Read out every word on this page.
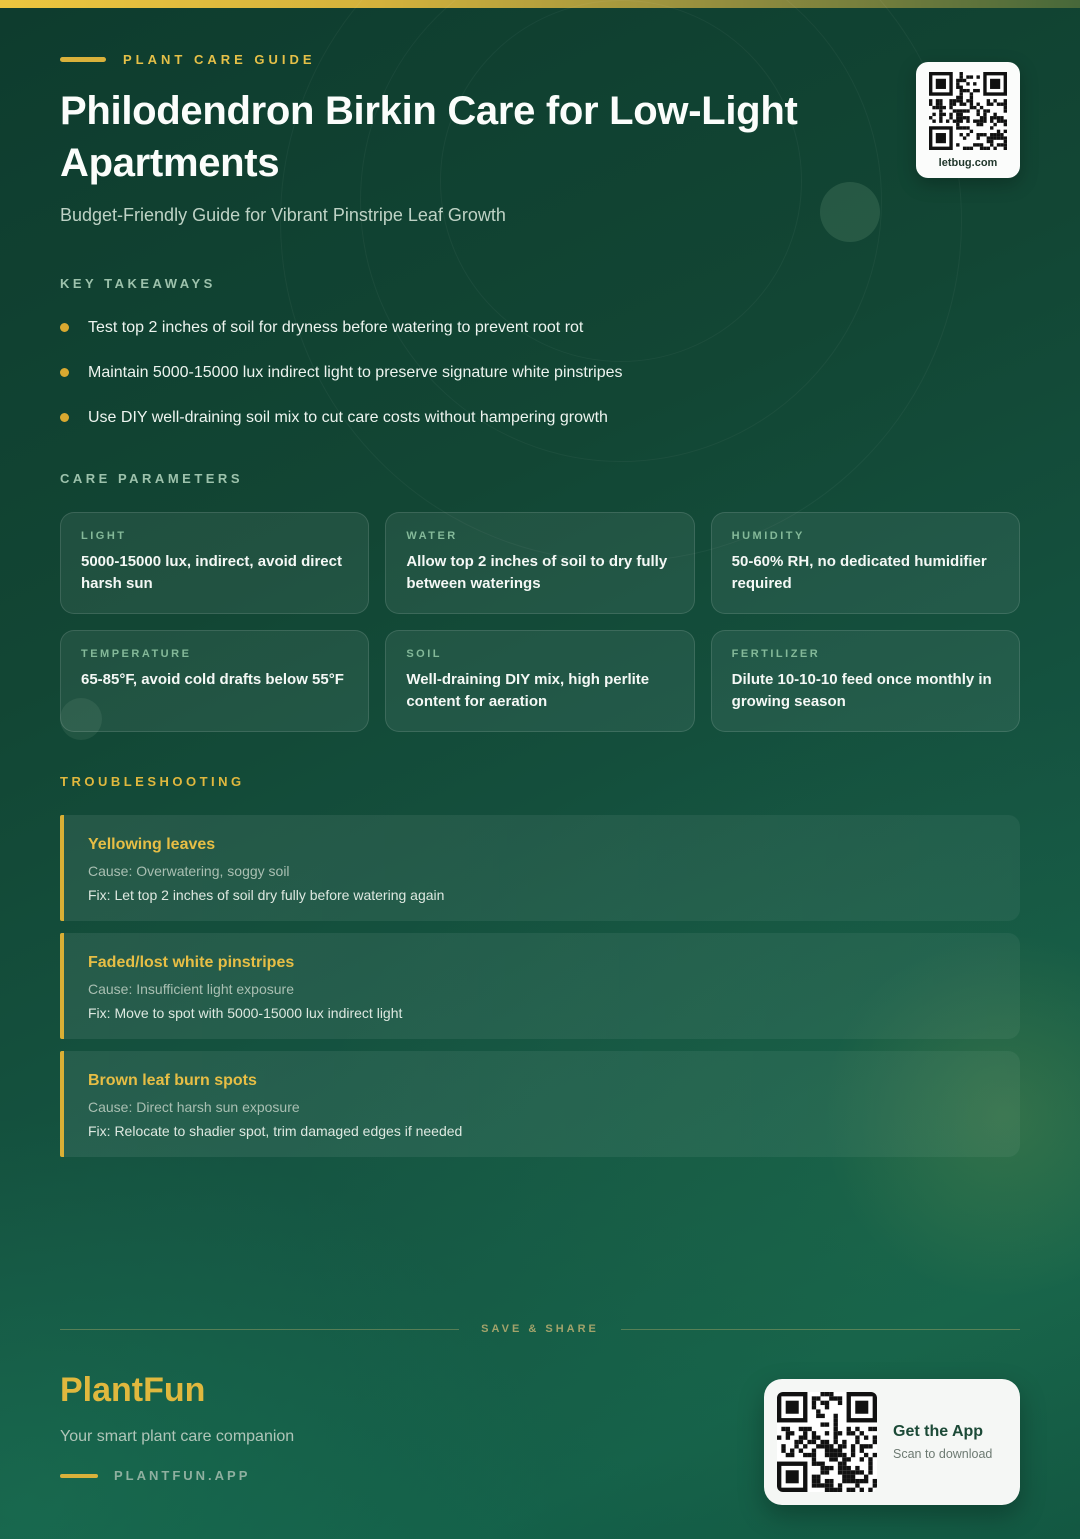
PLANT CARE GUIDE
Philodendron Birkin Care for Low-Light Apartments
Budget-Friendly Guide for Vibrant Pinstripe Leaf Growth
letbug.com
KEY TAKEAWAYS
Test top 2 inches of soil for dryness before watering to prevent root rot
Maintain 5000-15000 lux indirect light to preserve signature white pinstripes
Use DIY well-draining soil mix to cut care costs without hampering growth
CARE PARAMETERS
LIGHT
5000-15000 lux, indirect, avoid direct harsh sun
WATER
Allow top 2 inches of soil to dry fully between waterings
HUMIDITY
50-60% RH, no dedicated humidifier required
TEMPERATURE
65-85°F, avoid cold drafts below 55°F
SOIL
Well-draining DIY mix, high perlite content for aeration
FERTILIZER
Dilute 10-10-10 feed once monthly in growing season
TROUBLESHOOTING
Yellowing leaves
Cause: Overwatering, soggy soil
Fix: Let top 2 inches of soil dry fully before watering again
Faded/lost white pinstripes
Cause: Insufficient light exposure
Fix: Move to spot with 5000-15000 lux indirect light
Brown leaf burn spots
Cause: Direct harsh sun exposure
Fix: Relocate to shadier spot, trim damaged edges if needed
SAVE & SHARE
PlantFun
Your smart plant care companion
PLANTFUN.APP
Get the App
Scan to download
